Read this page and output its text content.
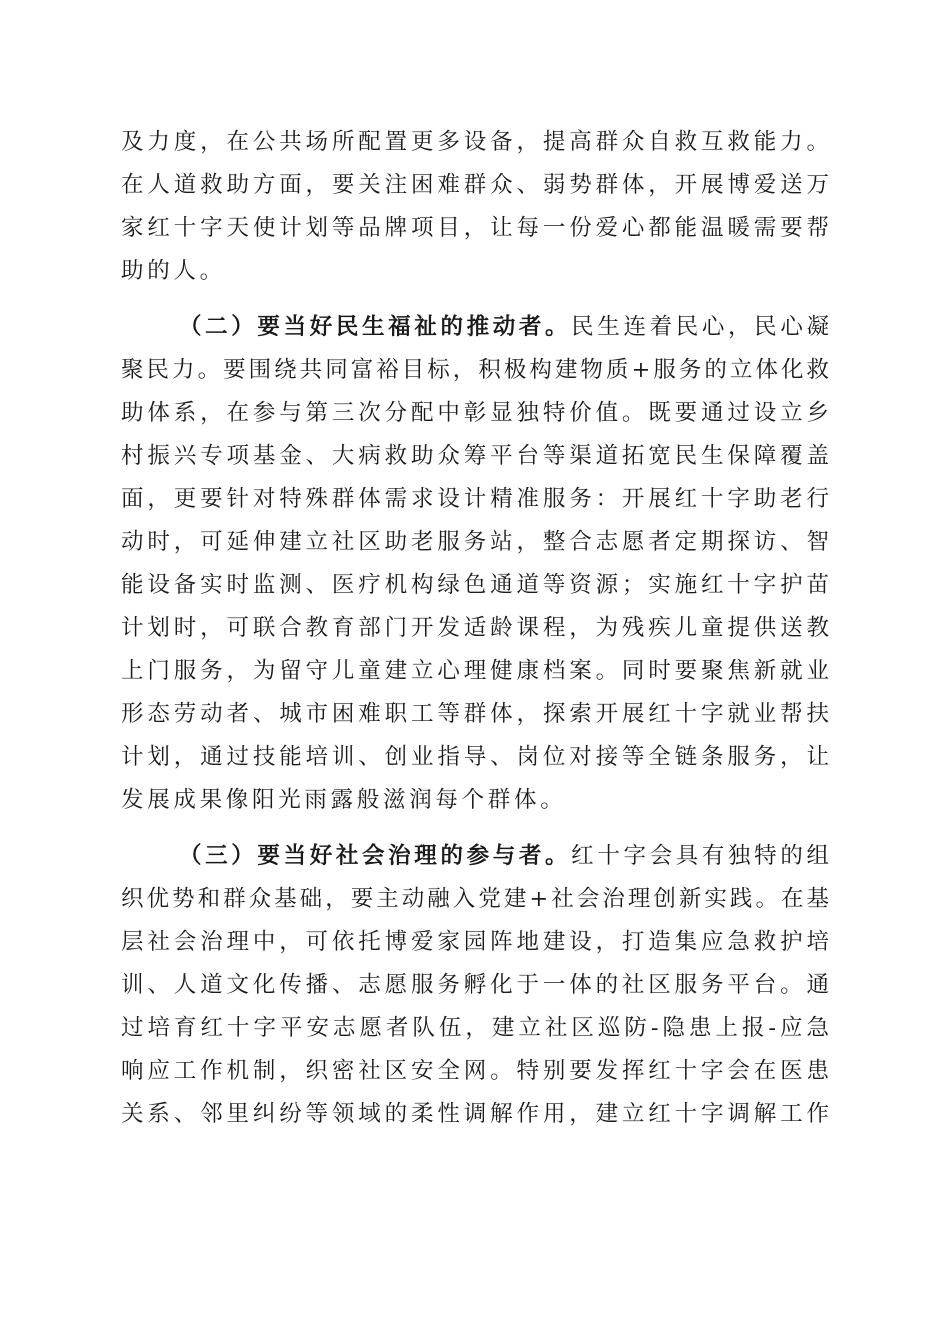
及力度，在公共场所配置更多设备，提高群众自救互救能力。
在人道救助方面，要关注困难群众、弱势群体，开展博爱送万
家红十字天使计划等品牌项目，让每一份爱心都能温暖需要帮
助的人。
（二）要当好民生福祉的推动者。民生连着民心，民心凝
聚民力。要围绕共同富裕目标，积极构建物质+服务的立体化救
助体系，在参与第三次分配中彰显独特价值。既要通过设立乡
村振兴专项基金、大病救助众筹平台等渠道拓宽民生保障覆盖
面，更要针对特殊群体需求设计精准服务：开展红十字助老行
动时，可延伸建立社区助老服务站，整合志愿者定期探访、智
能设备实时监测、医疗机构绿色通道等资源；实施红十字护苗
计划时，可联合教育部门开发适龄课程，为残疾儿童提供送教
上门服务，为留守儿童建立心理健康档案。同时要聚焦新就业
形态劳动者、城市困难职工等群体，探索开展红十字就业帮扶
计划，通过技能培训、创业指导、岗位对接等全链条服务，让
发展成果像阳光雨露般滋润每个群体。
（三）要当好社会治理的参与者。红十字会具有独特的组
织优势和群众基础，要主动融入党建+社会治理创新实践。在基
层社会治理中，可依托博爱家园阵地建设，打造集应急救护培
训、人道文化传播、志愿服务孵化于一体的社区服务平台。通
过培育红十字平安志愿者队伍，建立社区巡防-隐患上报-应急
响应工作机制，织密社区安全网。特别要发挥红十字会在医患
关系、邻里纠纷等领域的柔性调解作用，建立红十字调解工作
